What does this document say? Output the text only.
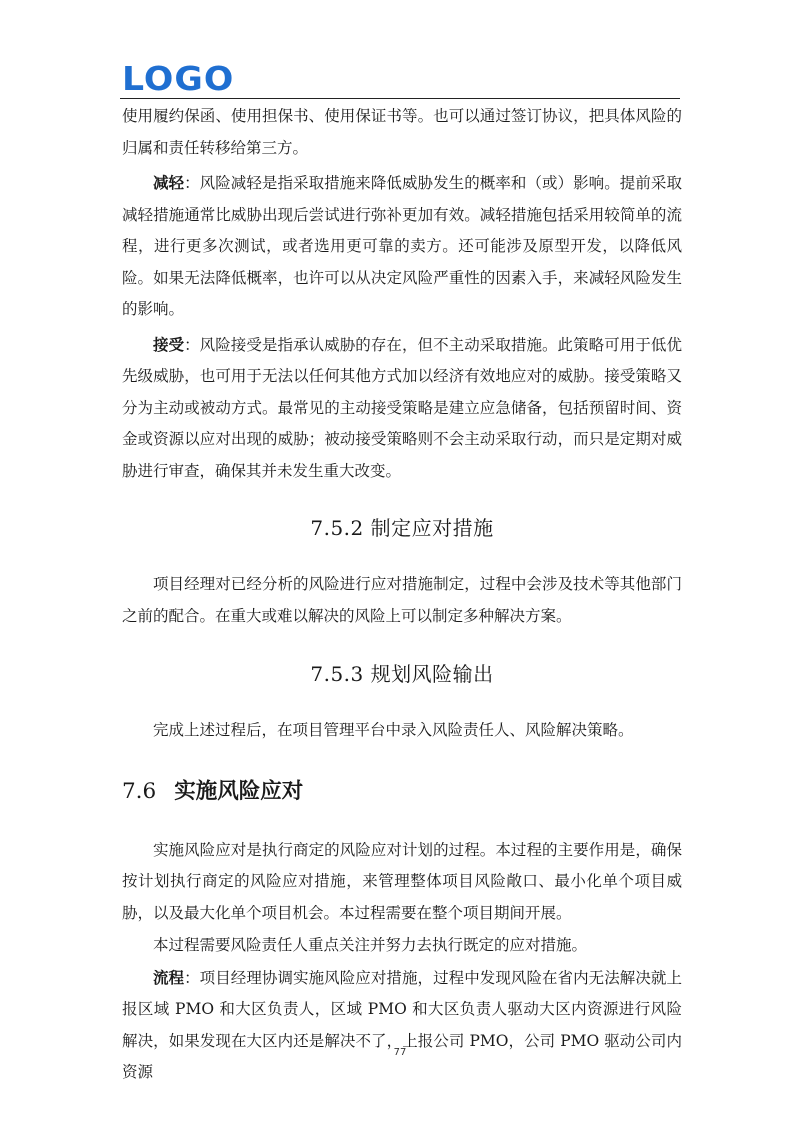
LOGO

使用履约保函、使用担保书、使用保证书等。也可以通过签订协议，把具体风险的归属和责任转移给第三方。

减轻：风险减轻是指采取措施来降低威胁发生的概率和（或）影响。提前采取减轻措施通常比威胁出现后尝试进行弥补更加有效。减轻措施包括采用较简单的流程，进行更多次测试，或者选用更可靠的卖方。还可能涉及原型开发，以降低风险。如果无法降低概率，也许可以从决定风险严重性的因素入手，来减轻风险发生的影响。

接受：风险接受是指承认威胁的存在，但不主动采取措施。此策略可用于低优先级威胁，也可用于无法以任何其他方式加以经济有效地应对的威胁。接受策略又分为主动或被动方式。最常见的主动接受策略是建立应急储备，包括预留时间、资金或资源以应对出现的威胁；被动接受策略则不会主动采取行动，而只是定期对威胁进行审查，确保其并未发生重大改变。

7.5.2 制定应对措施

项目经理对已经分析的风险进行应对措施制定，过程中会涉及技术等其他部门之前的配合。在重大或难以解决的风险上可以制定多种解决方案。

7.5.3 规划风险输出

完成上述过程后，在项目管理平台中录入风险责任人、风险解决策略。

7.6 实施风险应对

实施风险应对是执行商定的风险应对计划的过程。本过程的主要作用是，确保按计划执行商定的风险应对措施，来管理整体项目风险敞口、最小化单个项目威胁，以及最大化单个项目机会。本过程需要在整个项目期间开展。

本过程需要风险责任人重点关注并努力去执行既定的应对措施。

流程：项目经理协调实施风险应对措施，过程中发现风险在省内无法解决就上报区域 PMO 和大区负责人，区域 PMO 和大区负责人驱动大区内资源进行风险解决，如果发现在大区内还是解决不了，上报公司 PMO，公司 PMO 驱动公司内资源

77
